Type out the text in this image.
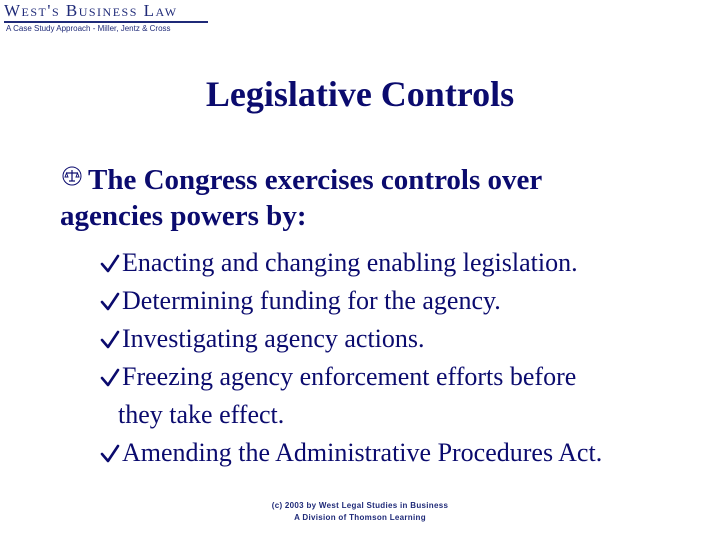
West's Business Law
A Case Study Approach - Miller, Jentz & Cross
Legislative Controls

The Congress exercises controls over
agencies powers by:

Enacting and changing enabling legislation.
Determining funding for the agency.
Investigating agency actions.
Freezing agency enforcement efforts before
they take effect.
Amending the Administrative Procedures Act.
(c) 2003 by West Legal Studies in Business
A Division of Thomson Learning
